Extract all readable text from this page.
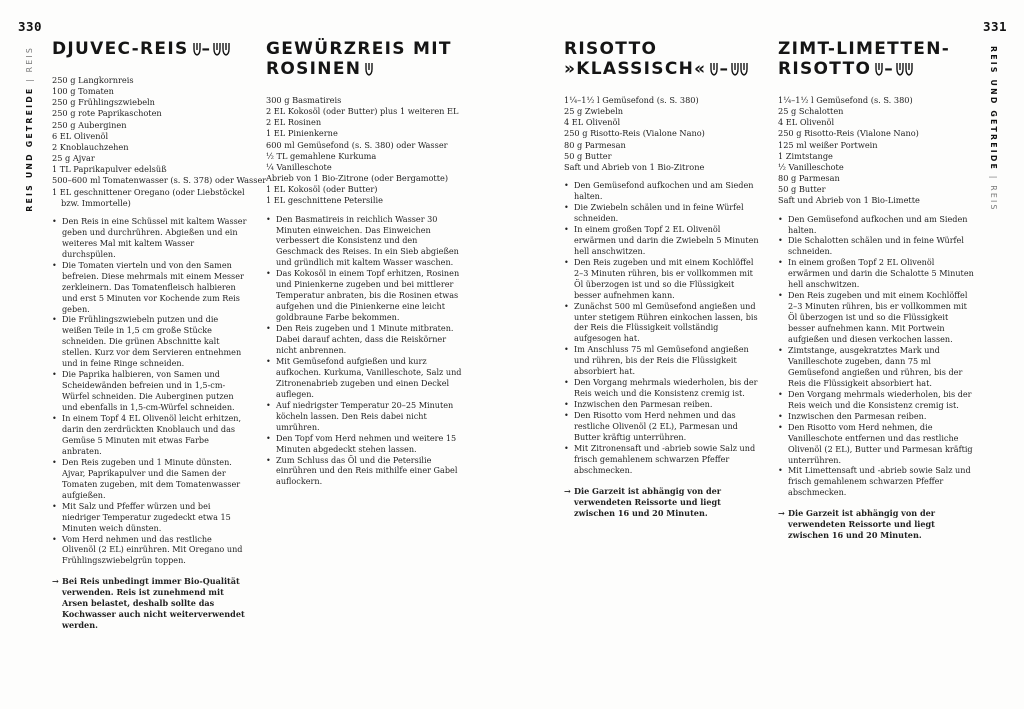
330	331
REIS UND GETREIDE | REIS	REIS UND GETREIDE | REIS
DJUVEC-REIS –
250 g Langkornreis
100 g Tomaten
250 g Frühlingszwiebeln
250 g rote Paprikaschoten
250 g Auberginen
6 EL Olivenöl
2 Knoblauchzehen
25 g Ajvar
1 TL Paprikapulver edelsüß
500–600 ml Tomatenwasser (s. S. 378) oder Wasser
1 EL geschnittener Oregano (oder Liebstöckel bzw. Immortelle)
• Den Reis in eine Schüssel mit kaltem Wasser geben und durchrühren. Abgießen und ein weiteres Mal mit kaltem Wasser durchspülen.
• Die Tomaten vierteln und von den Samen befreien. Diese mehrmals mit einem Messer zerkleinern. Das Tomatenfleisch halbieren und erst 5 Minuten vor Kochende zum Reis geben.
• Die Frühlingszwiebeln putzen und die weißen Teile in 1,5 cm große Stücke schneiden. Die grünen Abschnitte kalt stellen. Kurz vor dem Servieren entnehmen und in feine Ringe schneiden.
• Die Paprika halbieren, von Samen und Scheidewänden befreien und in 1,5-cm-Würfel schneiden. Die Auberginen putzen und ebenfalls in 1,5-cm-Würfel schneiden.
• In einem Topf 4 EL Olivenöl leicht erhitzen, darin den zerdrückten Knoblauch und das Gemüse 5 Minuten mit etwas Farbe anbraten.
• Den Reis zugeben und 1 Minute dünsten. Ajvar, Paprikapulver und die Samen der Tomaten zugeben, mit dem Tomatenwasser aufgießen.
• Mit Salz und Pfeffer würzen und bei niedriger Temperatur zugedeckt etwa 15 Minuten weich dünsten.
• Vom Herd nehmen und das restliche Olivenöl (2 EL) einrühren. Mit Oregano und Frühlingszwiebelgrün toppen.

→ Bei Reis unbedingt immer Bio-Qualität verwenden. Reis ist zunehmend mit Arsen belastet, deshalb sollte das Kochwasser auch nicht weiterverwendet werden.

GEWÜRZREIS MIT
ROSINEN
300 g Basmatireis
2 EL Kokosöl (oder Butter) plus 1 weiteren EL
2 EL Rosinen
1 EL Pinienkerne
600 ml Gemüsefond (s. S. 380) oder Wasser
½ TL gemahlene Kurkuma
¼ Vanilleschote
Abrieb von 1 Bio-Zitrone (oder Bergamotte)
1 EL Kokosöl (oder Butter)
1 EL geschnittene Petersilie
• Den Basmatireis in reichlich Wasser 30 Minuten einweichen. Das Einweichen verbessert die Konsistenz und den Geschmack des Reises. In ein Sieb abgießen und gründlich mit kaltem Wasser waschen.
• Das Kokosöl in einem Topf erhitzen, Rosinen und Pinienkerne zugeben und bei mittlerer Temperatur anbraten, bis die Rosinen etwas aufgehen und die Pinienkerne eine leicht goldbraune Farbe bekommen.
• Den Reis zugeben und 1 Minute mitbraten. Dabei darauf achten, dass die Reiskörner nicht anbrennen.
• Mit Gemüsefond aufgießen und kurz aufkochen. Kurkuma, Vanilleschote, Salz und Zitronenabrieb zugeben und einen Deckel auflegen.
• Auf niedrigster Temperatur 20–25 Minuten köcheln lassen. Den Reis dabei nicht umrühren.
• Den Topf vom Herd nehmen und weitere 15 Minuten abgedeckt stehen lassen.
• Zum Schluss das Öl und die Petersilie einrühren und den Reis mithilfe einer Gabel auflockern.
RISOTTO
»KLASSISCH« –
1¼–1½ l Gemüsefond (s. S. 380)
25 g Zwiebeln
4 EL Olivenöl
250 g Risotto-Reis (Vialone Nano)
80 g Parmesan
50 g Butter
Saft und Abrieb von 1 Bio-Zitrone
• Den Gemüsefond aufkochen und am Sieden halten.
• Die Zwiebeln schälen und in feine Würfel schneiden.
• In einem großen Topf 2 EL Olivenöl erwärmen und darin die Zwiebeln 5 Minuten hell anschwitzen.
• Den Reis zugeben und mit einem Kochlöffel 2–3 Minuten rühren, bis er vollkommen mit Öl überzogen ist und so die Flüssigkeit besser aufnehmen kann.
• Zunächst 500 ml Gemüsefond angießen und unter stetigem Rühren einkochen lassen, bis der Reis die Flüssigkeit vollständig aufgesogen hat.
• Im Anschluss 75 ml Gemüsefond angießen und rühren, bis der Reis die Flüssigkeit absorbiert hat.
• Den Vorgang mehrmals wiederholen, bis der Reis weich und die Konsistenz cremig ist.
• Inzwischen den Parmesan reiben.
• Den Risotto vom Herd nehmen und das restliche Olivenöl (2 EL), Parmesan und Butter kräftig unterrühren.
• Mit Zitronensaft und -abrieb sowie Salz und frisch gemahlenem schwarzen Pfeffer abschmecken.

→ Die Garzeit ist abhängig von der verwendeten Reissorte und liegt zwischen 16 und 20 Minuten.

ZIMT-LIMETTEN-
RISOTTO –
1¼–1½ l Gemüsefond (s. S. 380)
25 g Schalotten
4 EL Olivenöl
250 g Risotto-Reis (Vialone Nano)
125 ml weißer Portwein
1 Zimtstange
½ Vanilleschote
80 g Parmesan
50 g Butter
Saft und Abrieb von 1 Bio-Limette
• Den Gemüsefond aufkochen und am Sieden halten.
• Die Schalotten schälen und in feine Würfel schneiden.
• In einem großen Topf 2 EL Olivenöl erwärmen und darin die Schalotte 5 Minuten hell anschwitzen.
• Den Reis zugeben und mit einem Kochlöffel 2–3 Minuten rühren, bis er vollkommen mit Öl überzogen ist und so die Flüssigkeit besser aufnehmen kann. Mit Portwein aufgießen und diesen verkochen lassen.
• Zimtstange, ausgekratztes Mark und Vanilleschote zugeben, dann 75 ml Gemüsefond angießen und rühren, bis der Reis die Flüssigkeit absorbiert hat.
• Den Vorgang mehrmals wiederholen, bis der Reis weich und die Konsistenz cremig ist.
• Inzwischen den Parmesan reiben.
• Den Risotto vom Herd nehmen, die Vanilleschote entfernen und das restliche Olivenöl (2 EL), Butter und Parmesan kräftig unterrühren.
• Mit Limettensaft und -abrieb sowie Salz und frisch gemahlenem schwarzen Pfeffer abschmecken.

→ Die Garzeit ist abhängig von der verwendeten Reissorte und liegt zwischen 16 und 20 Minuten.
